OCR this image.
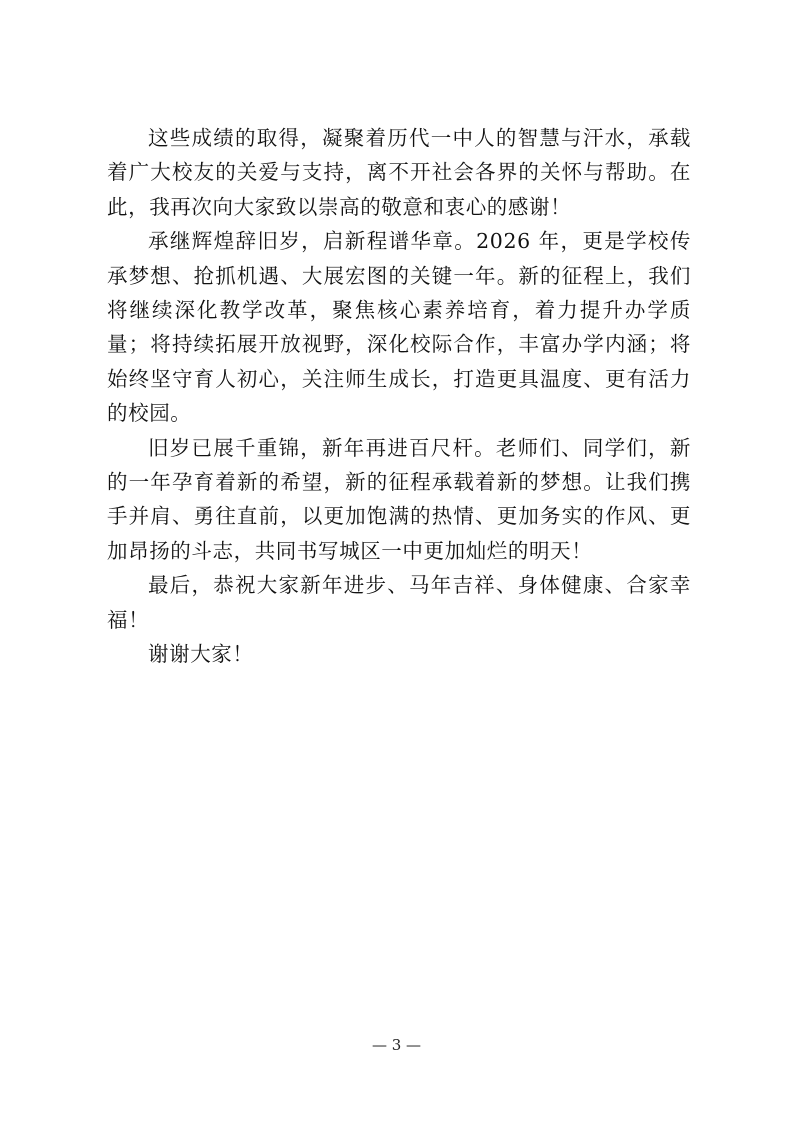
这些成绩的取得，凝聚着历代一中人的智慧与汗水，承载着广大校友的关爱与支持，离不开社会各界的关怀与帮助。在此，我再次向大家致以崇高的敬意和衷心的感谢！

承继辉煌辞旧岁，启新程谱华章。2026 年，更是学校传承梦想、抢抓机遇、大展宏图的关键一年。新的征程上，我们将继续深化教学改革，聚焦核心素养培育，着力提升办学质量；将持续拓展开放视野，深化校际合作，丰富办学内涵；将始终坚守育人初心，关注师生成长，打造更具温度、更有活力的校园。

旧岁已展千重锦，新年再进百尺杆。老师们、同学们，新的一年孕育着新的希望，新的征程承载着新的梦想。让我们携手并肩、勇往直前，以更加饱满的热情、更加务实的作风、更加昂扬的斗志，共同书写城区一中更加灿烂的明天！

最后，恭祝大家新年进步、马年吉祥、身体健康、合家幸福！

谢谢大家！

— 3 —
